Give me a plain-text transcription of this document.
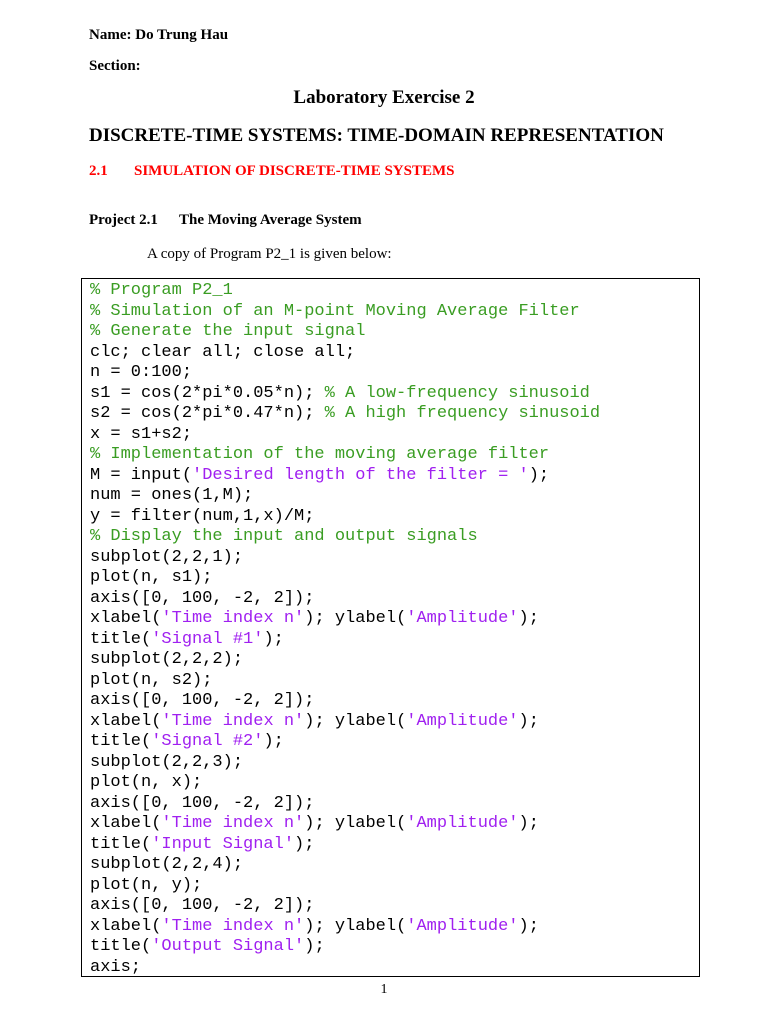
Name: Do Trung Hau
Section:
Laboratory Exercise 2
DISCRETE-TIME SYSTEMS: TIME-DOMAIN REPRESENTATION
2.1 SIMULATION OF DISCRETE-TIME SYSTEMS
Project 2.1 The Moving Average System
A copy of Program P2_1 is given below:
% Program P2_1
% Simulation of an M-point Moving Average Filter
% Generate the input signal
clc; clear all; close all;
n = 0:100;
s1 = cos(2*pi*0.05*n); % A low-frequency sinusoid
s2 = cos(2*pi*0.47*n); % A high frequency sinusoid
x = s1+s2;
% Implementation of the moving average filter
M = input('Desired length of the filter = ');
num = ones(1,M);
y = filter(num,1,x)/M;
% Display the input and output signals
subplot(2,2,1);
plot(n, s1);
axis([0, 100, -2, 2]);
xlabel('Time index n'); ylabel('Amplitude');
title('Signal #1');
subplot(2,2,2);
plot(n, s2);
axis([0, 100, -2, 2]);
xlabel('Time index n'); ylabel('Amplitude');
title('Signal #2');
subplot(2,2,3);
plot(n, x);
axis([0, 100, -2, 2]);
xlabel('Time index n'); ylabel('Amplitude');
title('Input Signal');
subplot(2,2,4);
plot(n, y);
axis([0, 100, -2, 2]);
xlabel('Time index n'); ylabel('Amplitude');
title('Output Signal');
axis;
1
